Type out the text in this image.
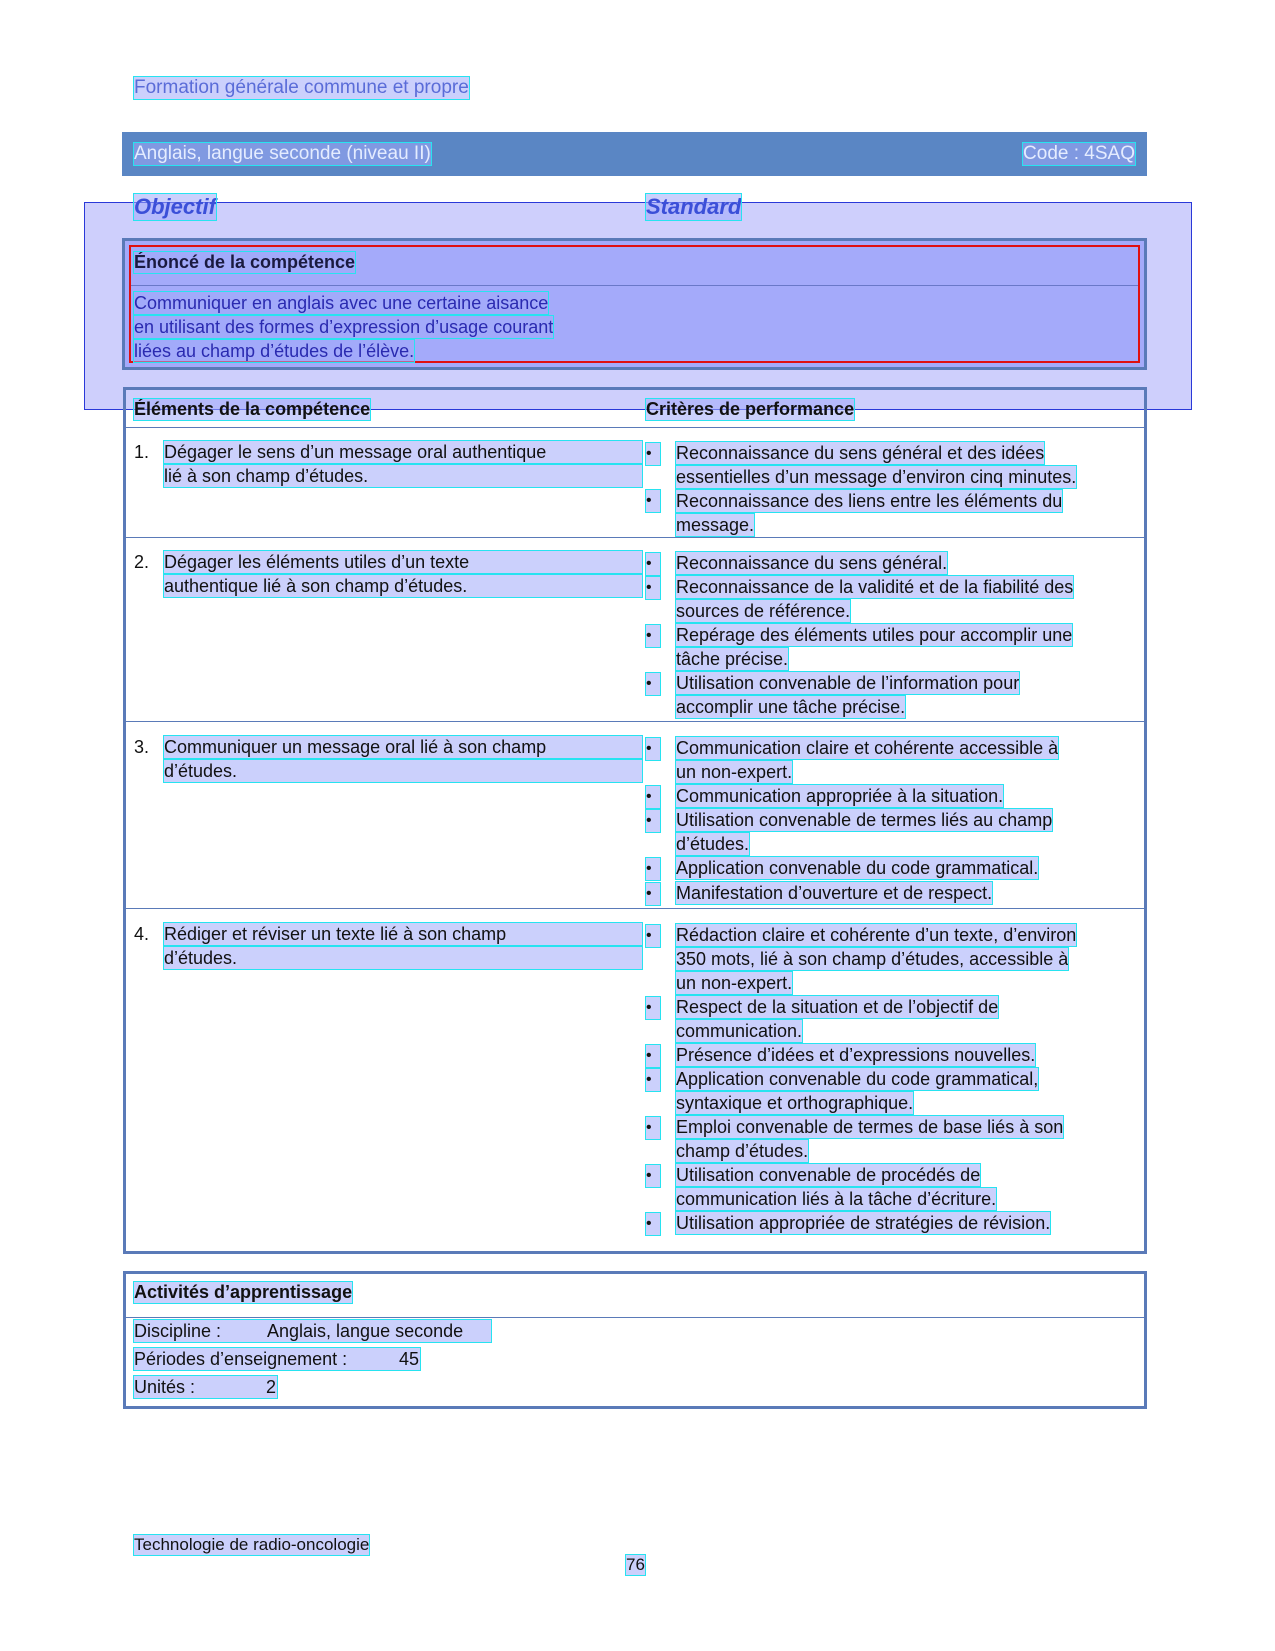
Formation générale commune et propre
Anglais, langue seconde (niveau II)	Code : 4SAQ
Objectif	Standard
Énoncé de la compétence
Communiquer en anglais avec une certaine aisance
en utilisant des formes d’expression d’usage courant
liées au champ d’études de l’élève.
Éléments de la compétence	Critères de performance
1. Dégager le sens d’un message oral authentique
lié à son champ d’études.
•	Reconnaissance du sens général et des idées
essentielles d’un message d’environ cinq minutes.
•	Reconnaissance des liens entre les éléments du
message.
2. Dégager les éléments utiles d’un texte
authentique lié à son champ d’études.
•	Reconnaissance du sens général.
•	Reconnaissance de la validité et de la fiabilité des
sources de référence.
•	Repérage des éléments utiles pour accomplir une
tâche précise.
•	Utilisation convenable de l’information pour
accomplir une tâche précise.
3. Communiquer un message oral lié à son champ
d’études.
•	Communication claire et cohérente accessible à
un non-expert.
•	Communication appropriée à la situation.
•	Utilisation convenable de termes liés au champ
d’études.
•	Application convenable du code grammatical.
•	Manifestation d’ouverture et de respect.
4. Rédiger et réviser un texte lié à son champ
d’études.
•	Rédaction claire et cohérente d’un texte, d’environ
350 mots, lié à son champ d’études, accessible à
un non-expert.
•	Respect de la situation et de l’objectif de
communication.
•	Présence d’idées et d’expressions nouvelles.
•	Application convenable du code grammatical,
syntaxique et orthographique.
•	Emploi convenable de termes de base liés à son
champ d’études.
•	Utilisation convenable de procédés de
communication liés à la tâche d’écriture.
•	Utilisation appropriée de stratégies de révision.
Activités d’apprentissage
Discipline :	Anglais, langue seconde
Périodes d’enseignement :	45
Unités :	2
Technologie de radio-oncologie
76
